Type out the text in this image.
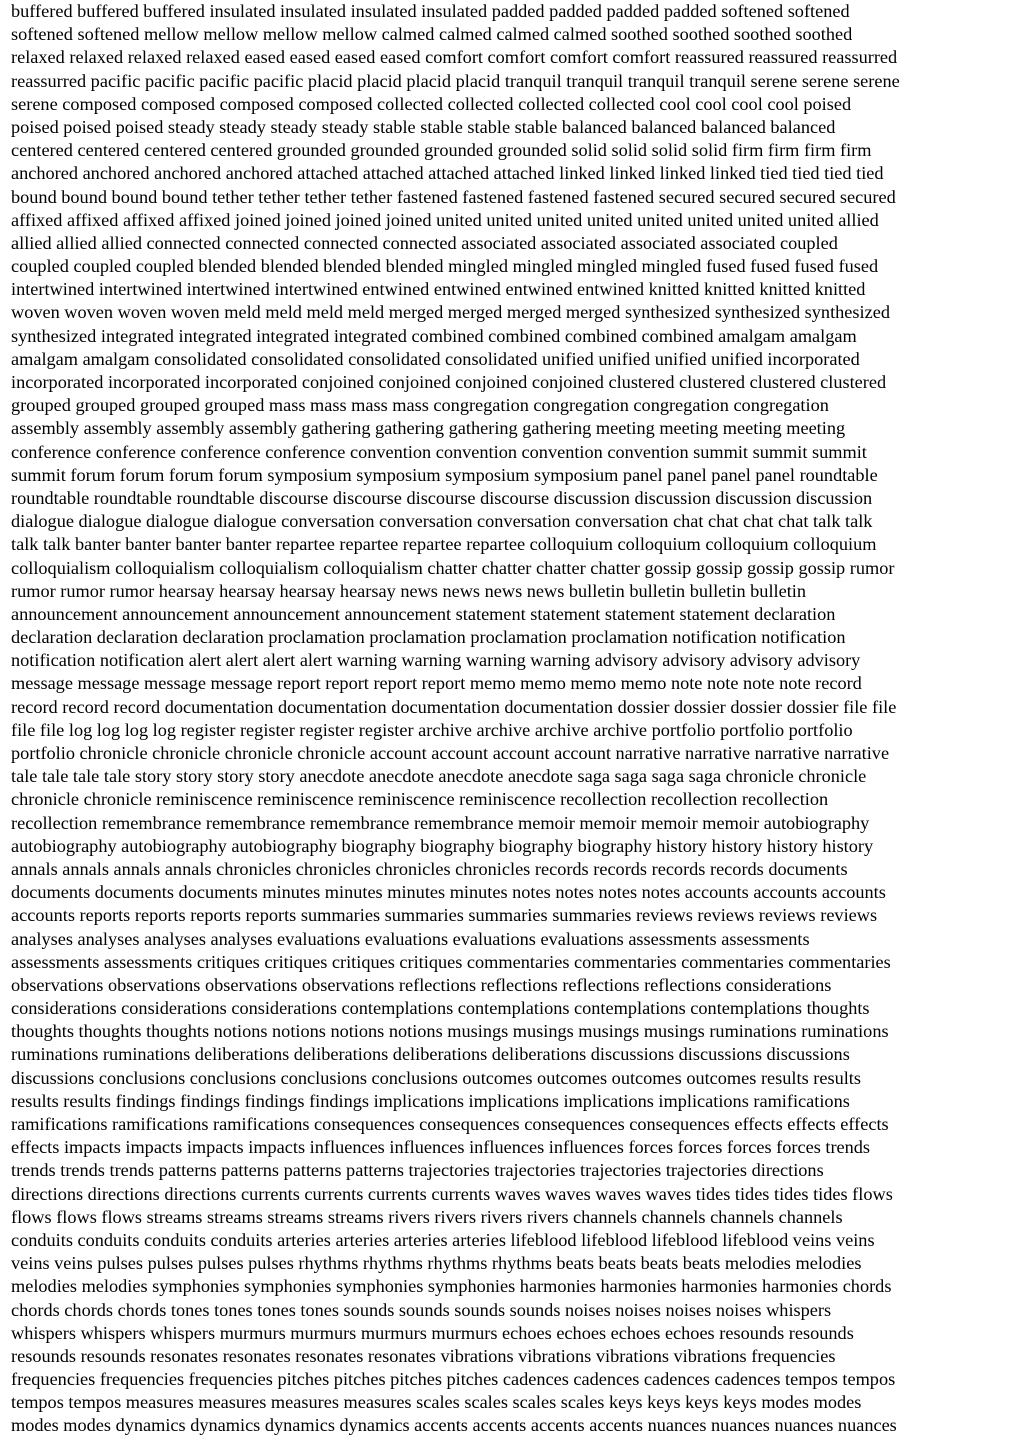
buffered buffered buffered insulated insulated insulated insulated padded padded padded padded softened softened
softened softened mellow mellow mellow mellow calmed calmed calmed calmed soothed soothed soothed soothed
relaxed relaxed relaxed relaxed eased eased eased eased comfort comfort comfort comfort reassured reassured reassurred
reassurred pacific pacific pacific pacific placid placid placid placid tranquil tranquil tranquil tranquil serene serene serene
serene composed composed composed composed collected collected collected collected cool cool cool cool poised
poised poised poised steady steady steady steady stable stable stable stable balanced balanced balanced balanced
centered centered centered centered grounded grounded grounded grounded solid solid solid solid firm firm firm firm
anchored anchored anchored anchored attached attached attached attached linked linked linked linked tied tied tied tied
bound bound bound bound tether tether tether tether fastened fastened fastened fastened secured secured secured secured
affixed affixed affixed affixed joined joined joined joined united united united united united united united united allied
allied allied allied connected connected connected connected associated associated associated associated coupled
coupled coupled coupled blended blended blended blended mingled mingled mingled mingled fused fused fused fused
intertwined intertwined intertwined intertwined entwined entwined entwined entwined knitted knitted knitted knitted
woven woven woven woven meld meld meld meld merged merged merged merged synthesized synthesized synthesized
synthesized integrated integrated integrated integrated combined combined combined combined amalgam amalgam
amalgam amalgam consolidated consolidated consolidated consolidated unified unified unified unified incorporated
incorporated incorporated incorporated conjoined conjoined conjoined conjoined clustered clustered clustered clustered
grouped grouped grouped grouped mass mass mass mass congregation congregation congregation congregation
assembly assembly assembly assembly gathering gathering gathering gathering meeting meeting meeting meeting
conference conference conference conference convention convention convention convention summit summit summit
summit forum forum forum forum symposium symposium symposium symposium panel panel panel panel roundtable
roundtable roundtable roundtable discourse discourse discourse discourse discussion discussion discussion discussion
dialogue dialogue dialogue dialogue conversation conversation conversation conversation chat chat chat chat talk talk
talk talk banter banter banter banter repartee repartee repartee repartee colloquium colloquium colloquium colloquium
colloquialism colloquialism colloquialism colloquialism chatter chatter chatter chatter gossip gossip gossip gossip rumor
rumor rumor rumor hearsay hearsay hearsay hearsay news news news news bulletin bulletin bulletin bulletin
announcement announcement announcement announcement statement statement statement statement declaration
declaration declaration declaration proclamation proclamation proclamation proclamation notification notification
notification notification alert alert alert alert warning warning warning warning advisory advisory advisory advisory
message message message message report report report report memo memo memo memo note note note note record
record record record documentation documentation documentation documentation dossier dossier dossier dossier file file
file file log log log log register register register register archive archive archive archive portfolio portfolio portfolio
portfolio chronicle chronicle chronicle chronicle account account account account narrative narrative narrative narrative
tale tale tale tale story story story story anecdote anecdote anecdote anecdote saga saga saga saga chronicle chronicle
chronicle chronicle reminiscence reminiscence reminiscence reminiscence recollection recollection recollection
recollection remembrance remembrance remembrance remembrance memoir memoir memoir memoir autobiography
autobiography autobiography autobiography biography biography biography biography history history history history
annals annals annals annals chronicles chronicles chronicles chronicles records records records records documents
documents documents documents minutes minutes minutes minutes notes notes notes notes accounts accounts accounts
accounts reports reports reports reports summaries summaries summaries summaries reviews reviews reviews reviews
analyses analyses analyses analyses evaluations evaluations evaluations evaluations assessments assessments
assessments assessments critiques critiques critiques critiques commentaries commentaries commentaries commentaries
observations observations observations observations reflections reflections reflections reflections considerations
considerations considerations considerations contemplations contemplations contemplations contemplations thoughts
thoughts thoughts thoughts notions notions notions notions musings musings musings musings ruminations ruminations
ruminations ruminations deliberations deliberations deliberations deliberations discussions discussions discussions
discussions conclusions conclusions conclusions conclusions outcomes outcomes outcomes outcomes results results
results results findings findings findings findings implications implications implications implications ramifications
ramifications ramifications ramifications consequences consequences consequences consequences effects effects effects
effects impacts impacts impacts impacts influences influences influences influences forces forces forces forces trends
trends trends trends patterns patterns patterns patterns trajectories trajectories trajectories trajectories directions
directions directions directions currents currents currents currents waves waves waves waves tides tides tides tides flows
flows flows flows streams streams streams streams rivers rivers rivers rivers channels channels channels channels
conduits conduits conduits conduits arteries arteries arteries arteries lifeblood lifeblood lifeblood lifeblood veins veins
veins veins pulses pulses pulses pulses rhythms rhythms rhythms rhythms beats beats beats beats melodies melodies
melodies melodies symphonies symphonies symphonies symphonies harmonies harmonies harmonies harmonies chords
chords chords chords tones tones tones tones sounds sounds sounds sounds noises noises noises noises whispers
whispers whispers whispers murmurs murmurs murmurs murmurs echoes echoes echoes echoes resounds resounds
resounds resounds resonates resonates resonates resonates vibrations vibrations vibrations vibrations frequencies
frequencies frequencies frequencies pitches pitches pitches pitches cadences cadences cadences cadences tempos tempos
tempos tempos measures measures measures measures scales scales scales scales keys keys keys keys modes modes
modes modes dynamics dynamics dynamics dynamics accents accents accents accents nuances nuances nuances nuances
